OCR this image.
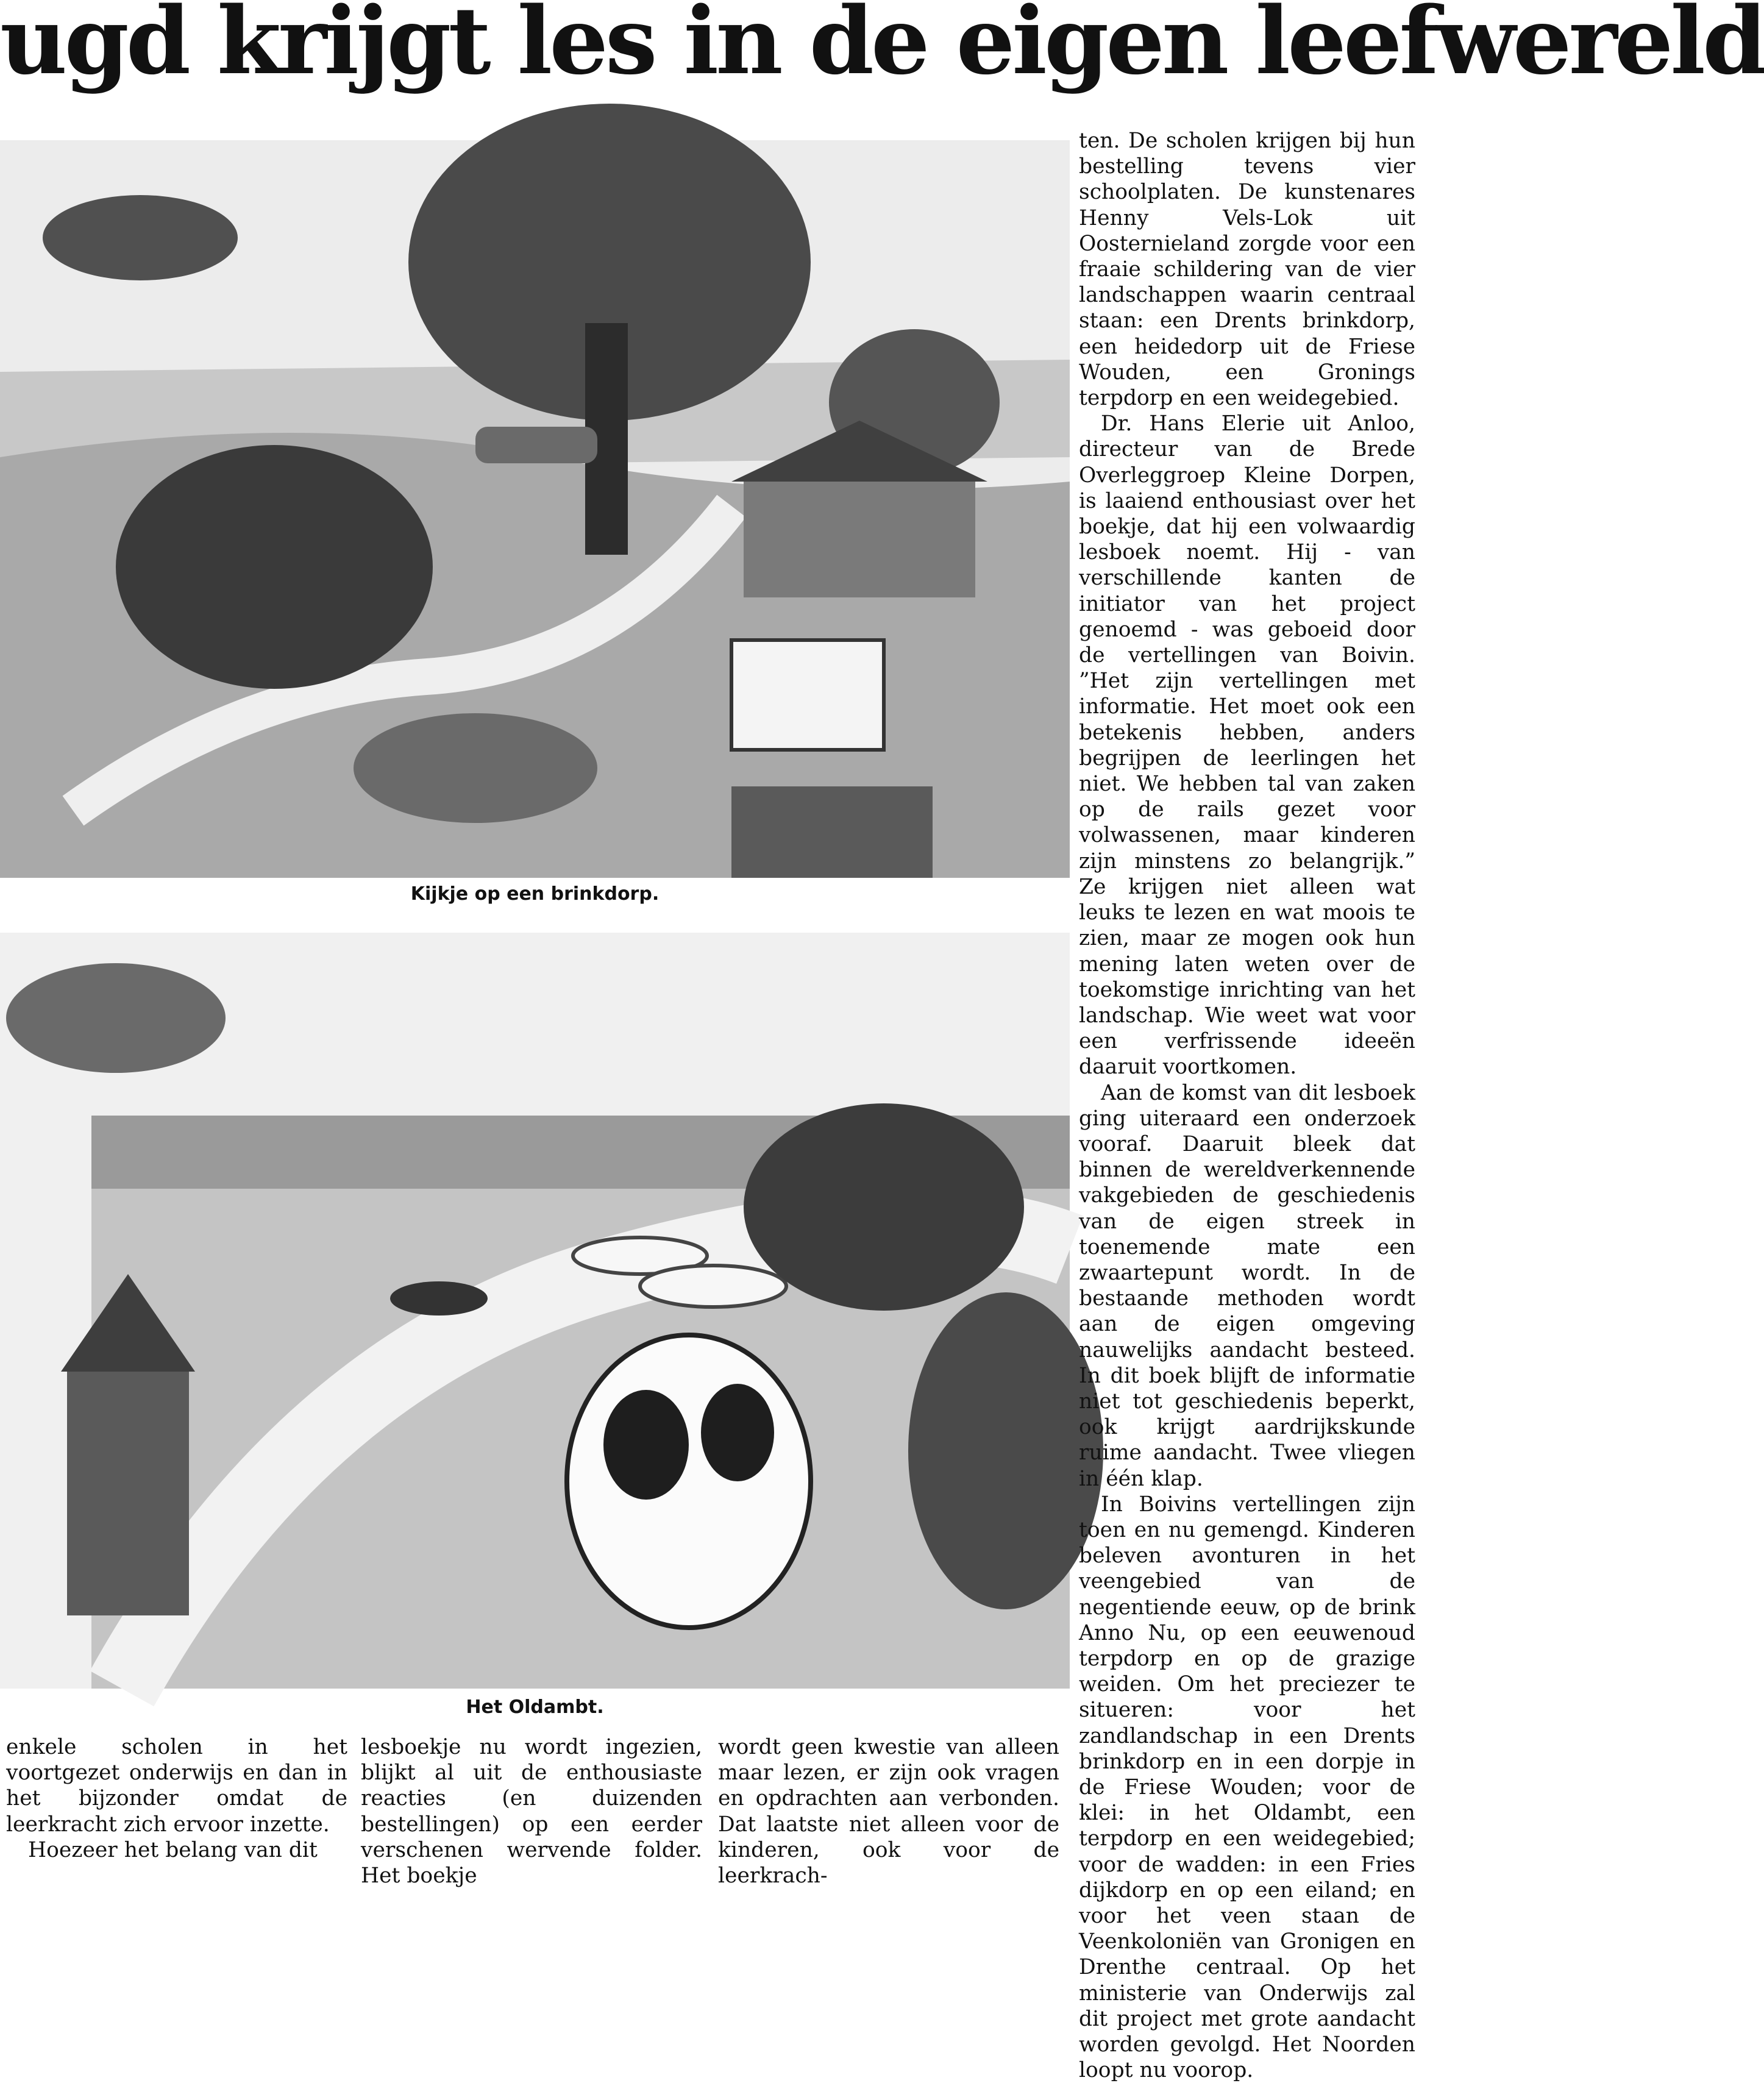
ugd krijgt les in de eigen leefwereld

Kijkje op een brinkdorp.

Het Oldambt.

ten. De scholen krijgen bij hun bestelling tevens vier schoolplaten. De kunstenares Henny Vels-Lok uit Oosternieland zorgde voor een fraaie schildering van de vier landschappen waarin centraal staan: een Drents brinkdorp, een heidedorp uit de Friese Wouden, een Gronings terpdorp en een weidegebied.

Dr. Hans Elerie uit Anloo, directeur van de Brede Overleggroep Kleine Dorpen, is laaiend enthousiast over het boekje, dat hij een volwaardig lesboek noemt. Hij - van verschillende kanten de initiator van het project genoemd - was geboeid door de vertellingen van Boivin. ”Het zijn vertellingen met informatie. Het moet ook een betekenis hebben, anders begrijpen de leerlingen het niet. We hebben tal van zaken op de rails gezet voor volwassenen, maar kinderen zijn minstens zo belangrijk.” Ze krijgen niet alleen wat leuks te lezen en wat moois te zien, maar ze mogen ook hun mening laten weten over de toekomstige inrichting van het landschap. Wie weet wat voor een verfrissende ideeën daaruit voortkomen.

Aan de komst van dit lesboek ging uiteraard een onderzoek vooraf. Daaruit bleek dat binnen de wereldverkennende vakgebieden de geschiedenis van de eigen streek in toenemende mate een zwaartepunt wordt. In de bestaande methoden wordt aan de eigen omgeving nauwelijks aandacht besteed. In dit boek blijft de informatie niet tot geschiedenis beperkt, ook krijgt aardrijkskunde ruime aandacht. Twee vliegen in één klap.

In Boivins vertellingen zijn toen en nu gemengd. Kinderen beleven avonturen in het veengebied van de negentiende eeuw, op de brink Anno Nu, op een eeuwenoud terpdorp en op de grazige weiden. Om het preciezer te situeren: voor het zandlandschap in een Drents brinkdorp en in een dorpje in de Friese Wouden; voor de klei: in het Oldambt, een terpdorp en een weidegebied; voor de wadden: in een Fries dijkdorp en op een eiland; en voor het veen staan de Veenkoloniën van Gronigen en Drenthe centraal. Op het ministerie van Onderwijs zal dit project met grote aandacht worden gevolgd. Het Noorden loopt nu voorop.

enkele scholen in het voortgezet onderwijs en dan in het bijzonder omdat de leerkracht zich ervoor inzette.

Hoezeer het belang van dit

lesboekje nu wordt ingezien, blijkt al uit de enthousiaste reacties (en duizenden bestellingen) op een eerder verschenen wervende folder. Het boekje

wordt geen kwestie van alleen maar lezen, er zijn ook vragen en opdrachten aan verbonden. Dat laatste niet alleen voor de kinderen, ook voor de leerkrach-
